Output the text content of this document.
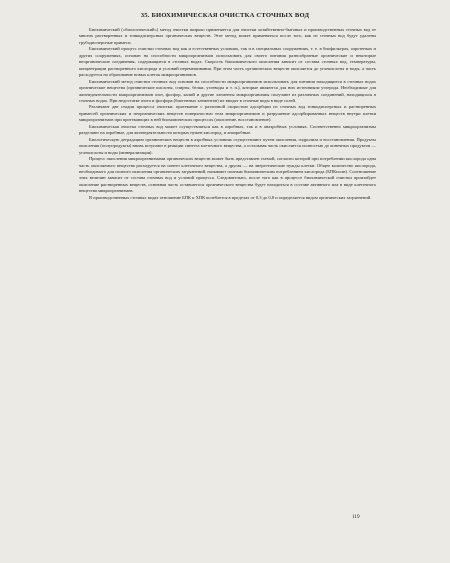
35. БИОХИМИЧЕСКАЯ ОЧИСТКА СТОЧНЫХ ВОД

Биохимический («биологический») метод очистки широко применяется для очистки хозяйственно-бытовых и производственных сточных вод от многих растворенных и тонкодисперсных органических веществ. Этот метод может применяться после того, как из сточных вод будут удалены грубодисперсные примеси.

Биохимический процесс очистки сточных вод как и естественных условиях, так и в специальных сооружениях, т. е. в биофильтрах, аэротенках и других сооружениях, основан на способности микроорганизмов использовать для своего питания разнообразные органические и некоторые неорганические соединения, содержащиеся в сточных водах. Скорость биохимического окисления зависит от состава сточных вод, температуры, концентрации растворенного кислорода и условий перемешивания. При этом часть органических веществ окисляется до углекислоты и воды, а часть расходуется на образование новых клеток микроорганизмов.

Биохимический метод очистки сточных вод основан на способности микроорганизмов использовать для питания находящиеся в сточных водах органические вещества (органические кислоты, спирты, белки, углеводы и т. п.), которые являются для них источником углерода. Необходимые для жизнедеятельности микроорганизмов азот, фосфор, калий и другие элементы микроорганизмы получают из различных соединений, находящихся в сточных водах. При недостатке азота и фосфора (биогенных элементов) их вводят в сточные воды в виде солей.

Различают две стадии процесса очистки: протекание с различной скоростью адсорбции из сточных вод тонкодисперсных и растворенных примесей органических и неорганических веществ поверхностью тела микроорганизмов и разрушение адсорбированных веществ внутри клетки микроорганизмов при протекающих в ней биохимических процессах (окисление, восстановление).

Биохимическая очистка сточных вод может осуществляться как в аэробных, так и в анаэробных условиях. Соответственно микроорганизмы разделяют на аэробные, для жизнедеятельности которых нужен кислород, и анаэробные.

Биологическую деградацию органических веществ в аэробных условиях осуществляют путем окисления, гидролиза и восстановления. Продукты окисления (полупродукты) вновь вступают в реакции синтеза клеточного вещества, а остальная часть окисляется полностью до конечных продуктов — углекислоты и воды (минерализация).

Процесс окисления микроорганизмами органических веществ может быть представлен схемой, согласно которой при потреблении кислорода одна часть окисляемого вещества расходуется на синтез клеточного вещества, а другая — на энергетические нужды клетки. Общее количество кислорода, необходимого для полного окисления органических загрязнений, называют полным биохимическим потреблением кислорода (БПКполн). Соотношение этих величин зависит от состава сточных вод и условий процесса. Следовательно, после того как в процессе биохимической очистки произойдет окисление растворенных веществ, основная часть оставшегося органического вещества будет находиться в составе активного ила в виде клеточного вещества микроорганизмов.

В производственных сточных водах отношение БПК к ХПК колеблется в пределах от 0,3 до 0,8 и определяется видом органических загрязнений.

119
